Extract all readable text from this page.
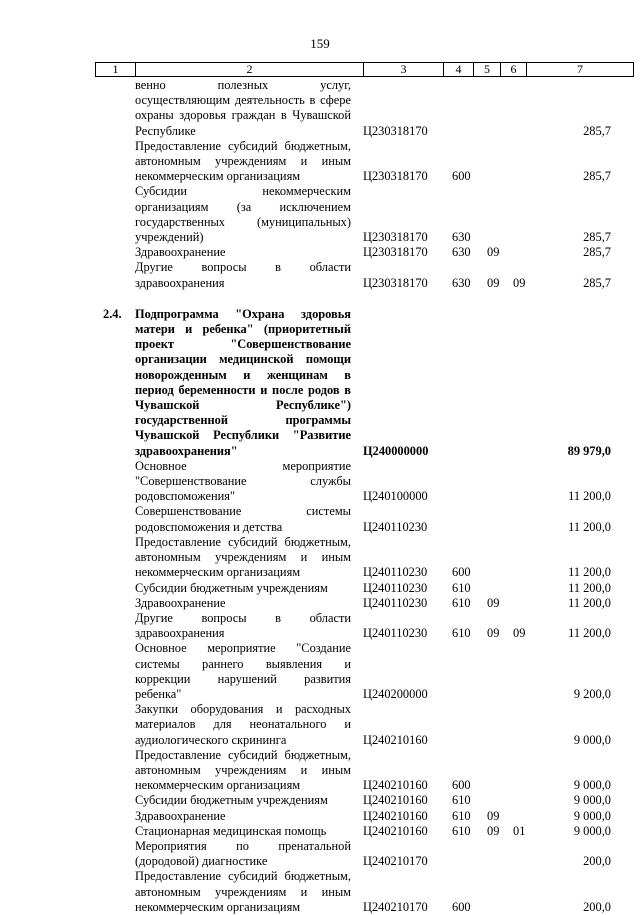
159
1	2	3	4	5	6	7
венно полезных услуг, осуществляющим деятельность в сфере охраны здоровья граждан в Чувашской Республике	Ц230318170	285,7
Предоставление субсидий бюджетным, автономным учреждениям и иным некоммерческим организациям	Ц230318170 600	285,7
Субсидии некоммерческим организациям (за исключением государственных (муниципальных) учреждений)	Ц230318170 630	285,7
Здравоохранение	Ц230318170 630 09	285,7
Другие вопросы в области здравоохранения	Ц230318170 630 09 09	285,7
2.4. Подпрограмма "Охрана здоровья матери и ребенка" (приоритетный проект "Совершенствование организации медицинской помощи новорожденным и женщинам в период беременности и после родов в Чувашской Республике") государственной программы Чувашской Республики "Развитие здравоохранения"	Ц240000000	89 979,0
Основное мероприятие "Совершенствование службы родовспоможения"	Ц240100000	11 200,0
Совершенствование системы родовспоможения и детства	Ц240110230	11 200,0
Предоставление субсидий бюджетным, автономным учреждениям и иным некоммерческим организациям	Ц240110230 600	11 200,0
Субсидии бюджетным учреждениям	Ц240110230 610	11 200,0
Здравоохранение	Ц240110230 610 09	11 200,0
Другие вопросы в области здравоохранения	Ц240110230 610 09 09	11 200,0
Основное мероприятие "Создание системы раннего выявления и коррекции нарушений развития ребенка"	Ц240200000	9 200,0
Закупки оборудования и расходных материалов для неонатального и аудиологического скрининга	Ц240210160	9 000,0
Предоставление субсидий бюджетным, автономным учреждениям и иным некоммерческим организациям	Ц240210160 600	9 000,0
Субсидии бюджетным учреждениям	Ц240210160 610	9 000,0
Здравоохранение	Ц240210160 610 09	9 000,0
Стационарная медицинская помощь	Ц240210160 610 09 01	9 000,0
Мероприятия по пренатальной (дородовой) диагностике	Ц240210170	200,0
Предоставление субсидий бюджетным, автономным учреждениям и иным некоммерческим организациям	Ц240210170 600	200,0
